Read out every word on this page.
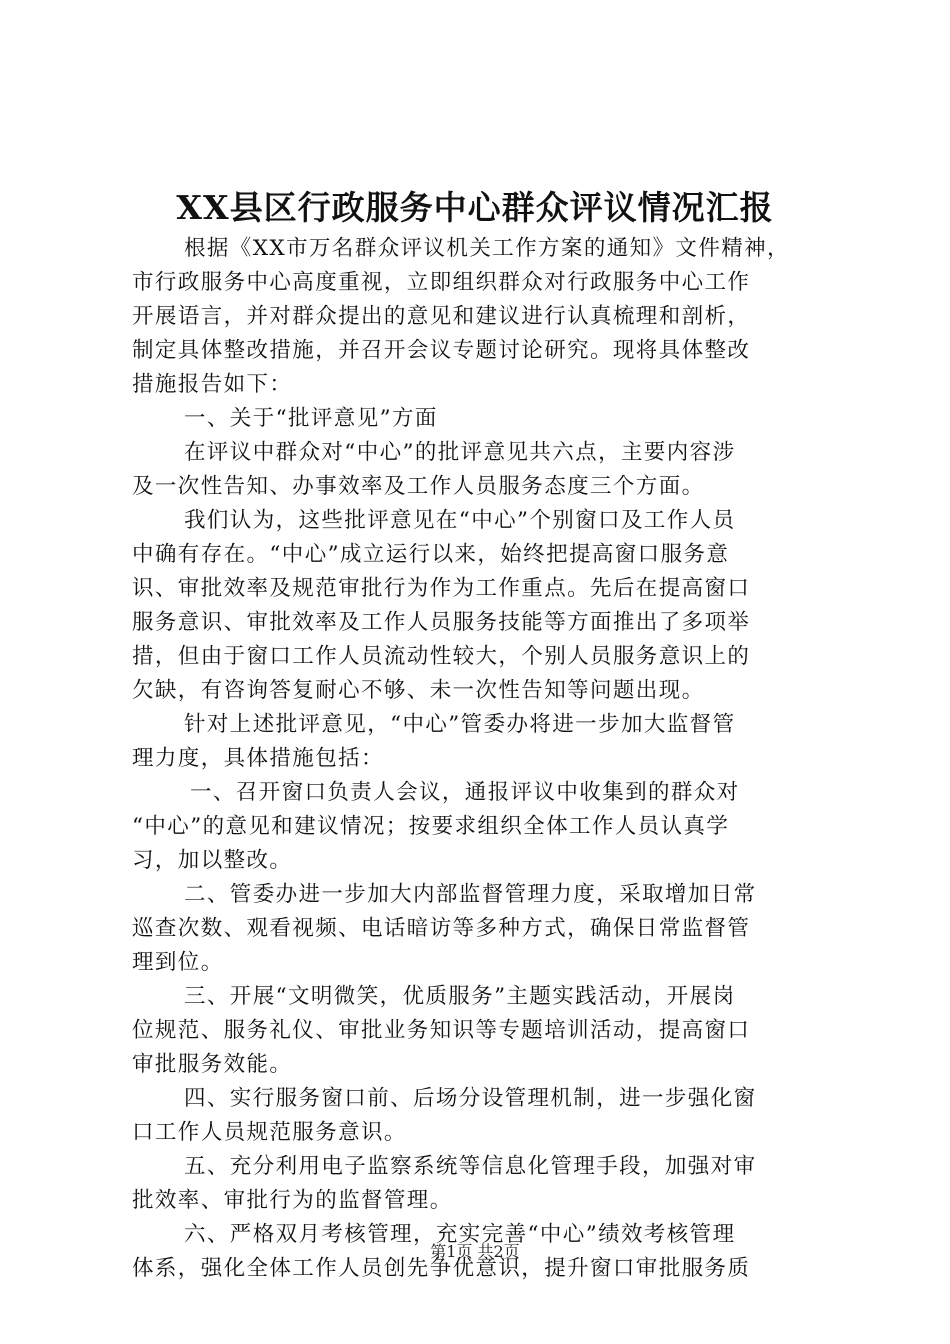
XX县区行政服务中心群众评议情况汇报
根据《XX市万名群众评议机关工作方案的通知》文件精神，
市行政服务中心高度重视，立即组织群众对行政服务中心工作
开展语言，并对群众提出的意见和建议进行认真梳理和剖析，
制定具体整改措施，并召开会议专题讨论研究。现将具体整改
措施报告如下：
一、关于“批评意见”方面
在评议中群众对“中心”的批评意见共六点，主要内容涉
及一次性告知、办事效率及工作人员服务态度三个方面。
我们认为，这些批评意见在“中心”个别窗口及工作人员
中确有存在。“中心”成立运行以来，始终把提高窗口服务意
识、审批效率及规范审批行为作为工作重点。先后在提高窗口
服务意识、审批效率及工作人员服务技能等方面推出了多项举
措，但由于窗口工作人员流动性较大，个别人员服务意识上的
欠缺，有咨询答复耐心不够、未一次性告知等问题出现。
针对上述批评意见，“中心”管委办将进一步加大监督管
理力度，具体措施包括：
一、召开窗口负责人会议，通报评议中收集到的群众对
“中心”的意见和建议情况；按要求组织全体工作人员认真学
习，加以整改。
二、管委办进一步加大内部监督管理力度，采取增加日常
巡查次数、观看视频、电话暗访等多种方式，确保日常监督管
理到位。
三、开展“文明微笑，优质服务”主题实践活动，开展岗
位规范、服务礼仪、审批业务知识等专题培训活动，提高窗口
审批服务效能。
四、实行服务窗口前、后场分设管理机制，进一步强化窗
口工作人员规范服务意识。
五、充分利用电子监察系统等信息化管理手段，加强对审
批效率、审批行为的监督管理。
六、严格双月考核管理，充实完善“中心”绩效考核管理
体系，强化全体工作人员创先争优意识，提升窗口审批服务质
第1页 共2页
